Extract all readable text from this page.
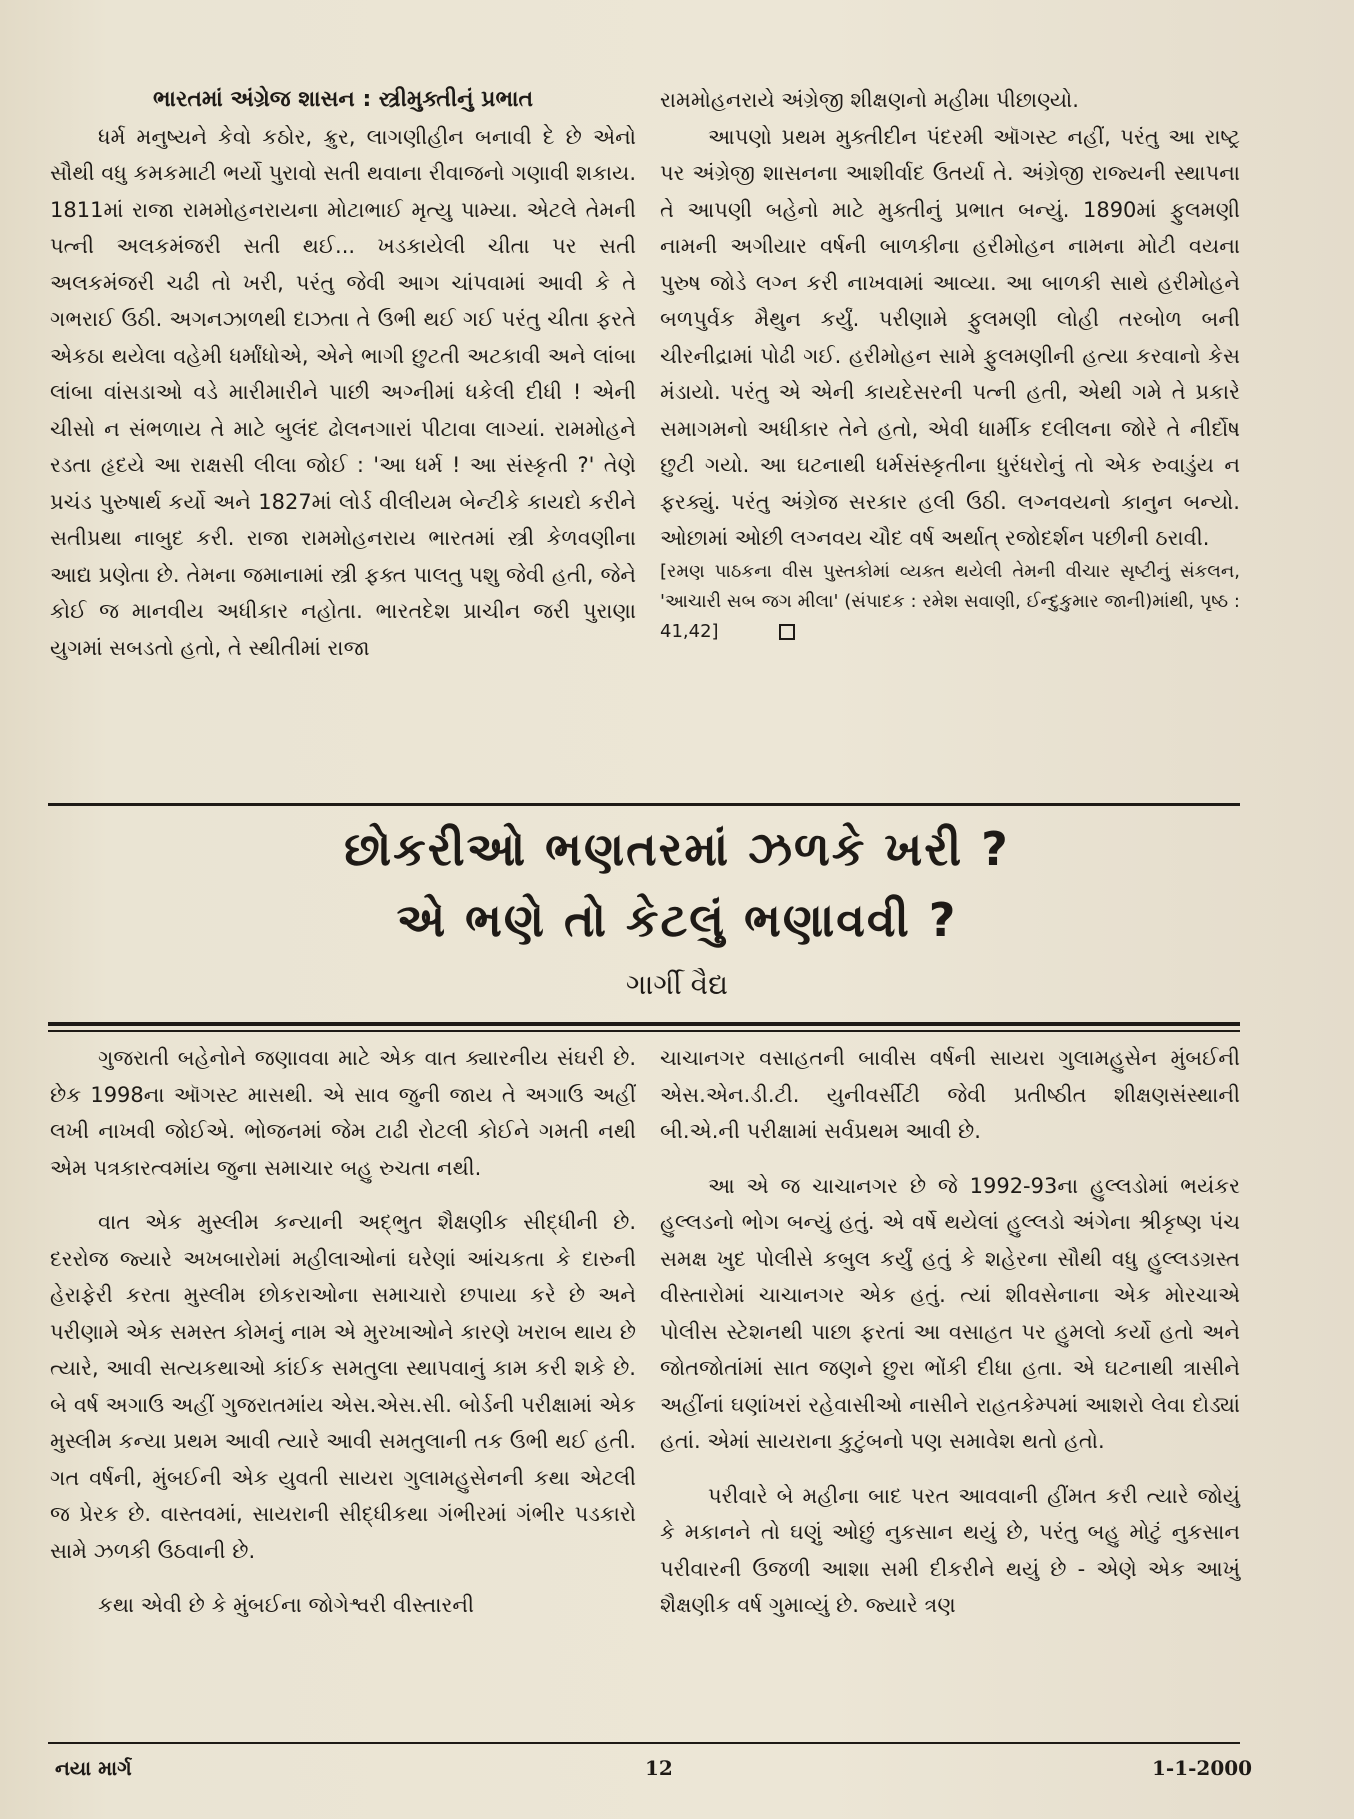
ભારતમાં અંગ્રેજ શાસન : સ્ત્રીમુક્તીનું પ્રભાત

ધર્મ મનુષ્યને કેવો કઠોર, ક્રુર, લાગણીહીન બનાવી દે છે એનો સૌથી વધુ કમકમાટી ભર્યો પુરાવો સતી થવાના રીવાજનો ગણાવી શકાય. 1811માં રાજા રામમોહનરાયના મોટાભાઈ મૃત્યુ પામ્યા. એટલે તેમની પત્ની અલકમંજરી સતી થઈ... ખડકાયેલી ચીતા પર સતી અલકમંજરી ચઢી તો ખરી, પરંતુ જેવી આગ ચાંપવામાં આવી કે તે ગભરાઈ ઉઠી. અગનઝાળથી દાઝતા તે ઉભી થઈ ગઈ પરંતુ ચીતા ફરતે એકઠા થયેલા વહેમી ધર્માંધોએ, એને ભાગી છુટતી અટકાવી અને લાંબા લાંબા વાંસડાઓ વડે મારીમારીને પાછી અગ્નીમાં ધકેલી દીધી ! એની ચીસો ન સંભળાય તે માટે બુલંદ ઢોલનગારાં પીટાવા લાગ્યાં. રામમોહને રડતા હૃદયે આ રાક્ષસી લીલા જોઈ : 'આ ધર્મ ! આ સંસ્કૃતી ?' તેણે પ્રચંડ પુરુષાર્થ કર્યો અને 1827માં લોર્ડ વીલીયમ બેન્ટીકે કાયદો કરીને સતીપ્રથા નાબુદ કરી. રાજા રામમોહનરાય ભારતમાં સ્ત્રી કેળવણીના આદ્ય પ્રણેતા છે. તેમના જમાનામાં સ્ત્રી ફક્ત પાલતુ પશુ જેવી હતી, જેને કોઈ જ માનવીય અધીકાર નહોતા. ભારતદેશ પ્રાચીન જરી પુરાણા યુગમાં સબડતો હતો, તે સ્થીતીમાં રાજા

રામમોહનરાયે અંગ્રેજી શીક્ષણનો મહીમા પીછાણ્યો.

આપણો પ્રથમ મુક્તીદીન પંદરમી ઑગસ્ટ નહીં, પરંતુ આ રાષ્ટ્ર પર અંગ્રેજી શાસનના આશીર્વાદ ઉતર્યા તે. અંગ્રેજી રાજ્યની સ્થાપના તે આપણી બહેનો માટે મુક્તીનું પ્રભાત બન્યું. 1890માં ફુલમણી નામની અગીયાર વર્ષની બાળકીના હરીમોહન નામના મોટી વયના પુરુષ જોડે લગ્ન કરી નાખવામાં આવ્યા. આ બાળકી સાથે હરીમોહને બળપુર્વક મૈથુન કર્યું. પરીણામે ફુલમણી લોહી તરબોળ બની ચીરનીદ્રામાં પોઢી ગઈ. હરીમોહન સામે ફુલમણીની હત્યા કરવાનો કેસ મંડાયો. પરંતુ એ એની કાયદેસરની પત્ની હતી, એથી ગમે તે પ્રકારે સમાગમનો અધીકાર તેને હતો, એવી ધાર્મીક દલીલના જોરે તે નીર્દોષ છુટી ગયો. આ ઘટનાથી ધર્મસંસ્કૃતીના ધુરંધરોનું તો એક રુવાડુંય ન ફરક્યું. પરંતુ અંગ્રેજ સરકાર હલી ઉઠી. લગ્નવયનો કાનુન બન્યો. ઓછામાં ઓછી લગ્નવય ચૌદ વર્ષ અર્થાત્ રજોદર્શન પછીની ઠરાવી.

[રમણ પાઠકના વીસ પુસ્તકોમાં વ્યક્ત થયેલી તેમની વીચાર સૃષ્ટીનું સંકલન, 'આચારી સબ જગ મીલા' (સંપાદક : રમેશ સવાણી, ઈન્દુકુમાર જાની)માંથી, પૃષ્ઠ : 41,42]

છોકરીઓ ભણતરમાં ઝળકે ખરી ?
એ ભણે તો કેટલું ભણાવવી ?
ગાર્ગી વૈદ્ય

ગુજરાતી બહેનોને જણાવવા માટે એક વાત ક્યારનીય સંઘરી છે. છેક 1998ના ઑગસ્ટ માસથી. એ સાવ જુની જાય તે અગાઉ અહીં લખી નાખવી જોઈએ. ભોજનમાં જેમ ટાઢી રોટલી કોઈને ગમતી નથી એમ પત્રકારત્વમાંય જુના સમાચાર બહુ રુચતા નથી.

વાત એક મુસ્લીમ કન્યાની અદ્ભુત શૈક્ષણીક સીદ્ધીની છે. દરરોજ જ્યારે અખબારોમાં મહીલાઓનાં ઘરેણાં આંચકતા કે દારુની હેરાફેરી કરતા મુસ્લીમ છોકરાઓના સમાચારો છપાયા કરે છે અને પરીણામે એક સમસ્ત કોમનું નામ એ મુરખાઓને કારણે ખરાબ થાય છે ત્યારે, આવી સત્યકથાઓ કાંઈક સમતુલા સ્થાપવાનું કામ કરી શકે છે. બે વર્ષ અગાઉ અહીં ગુજરાતમાંય એસ.એસ.સી. બોર્ડની પરીક્ષામાં એક મુસ્લીમ કન્યા પ્રથમ આવી ત્યારે આવી સમતુલાની તક ઉભી થઈ હતી. ગત વર્ષની, મુંબઈની એક યુવતી સાયરા ગુલામહુસેનની કથા એટલી જ પ્રેરક છે. વાસ્તવમાં, સાયરાની સીદ્ધીકથા ગંભીરમાં ગંભીર પડકારો સામે ઝળકી ઉઠવાની છે.

કથા એવી છે કે મુંબઈના જોગેશ્વરી વીસ્તારની

ચાચાનગર વસાહતની બાવીસ વર્ષની સાયરા ગુલામહુસેન મુંબઈની એસ.એન.ડી.ટી. યુનીવર્સીટી જેવી પ્રતીષ્ઠીત શીક્ષણસંસ્થાની બી.એ.ની પરીક્ષામાં સર્વપ્રથમ આવી છે.

આ એ જ ચાચાનગર છે જે 1992-93ના હુલ્લડોમાં ભયંકર હુલ્લડનો ભોગ બન્યું હતું. એ વર્ષે થયેલાં હુલ્લડો અંગેના શ્રીકૃષ્ણ પંચ સમક્ષ ખુદ પોલીસે કબુલ કર્યું હતું કે શહેરના સૌથી વધુ હુલ્લડગ્રસ્ત વીસ્તારોમાં ચાચાનગર એક હતું. ત્યાં શીવસેનાના એક મોરચાએ પોલીસ સ્ટેશનથી પાછા ફરતાં આ વસાહત પર હુમલો કર્યો હતો અને જોતજોતાંમાં સાત જણને છુરા ભોંકી દીધા હતા. એ ઘટનાથી ત્રાસીને અહીંનાં ઘણાંખરાં રહેવાસીઓ નાસીને રાહતકેમ્પમાં આશરો લેવા દોડ્યાં હતાં. એમાં સાયરાના કુટુંબનો પણ સમાવેશ થતો હતો.

પરીવારે બે મહીના બાદ પરત આવવાની હીંમત કરી ત્યારે જોયું કે મકાનને તો ઘણું ઓછું નુકસાન થયું છે, પરંતુ બહુ મોટું નુકસાન પરીવારની ઉજળી આશા સમી દીકરીને થયું છે - એણે એક આખું શૈક્ષણીક વર્ષ ગુમાવ્યું છે. જ્યારે ત્રણ

નયા માર્ગ	12	1-1-2000
